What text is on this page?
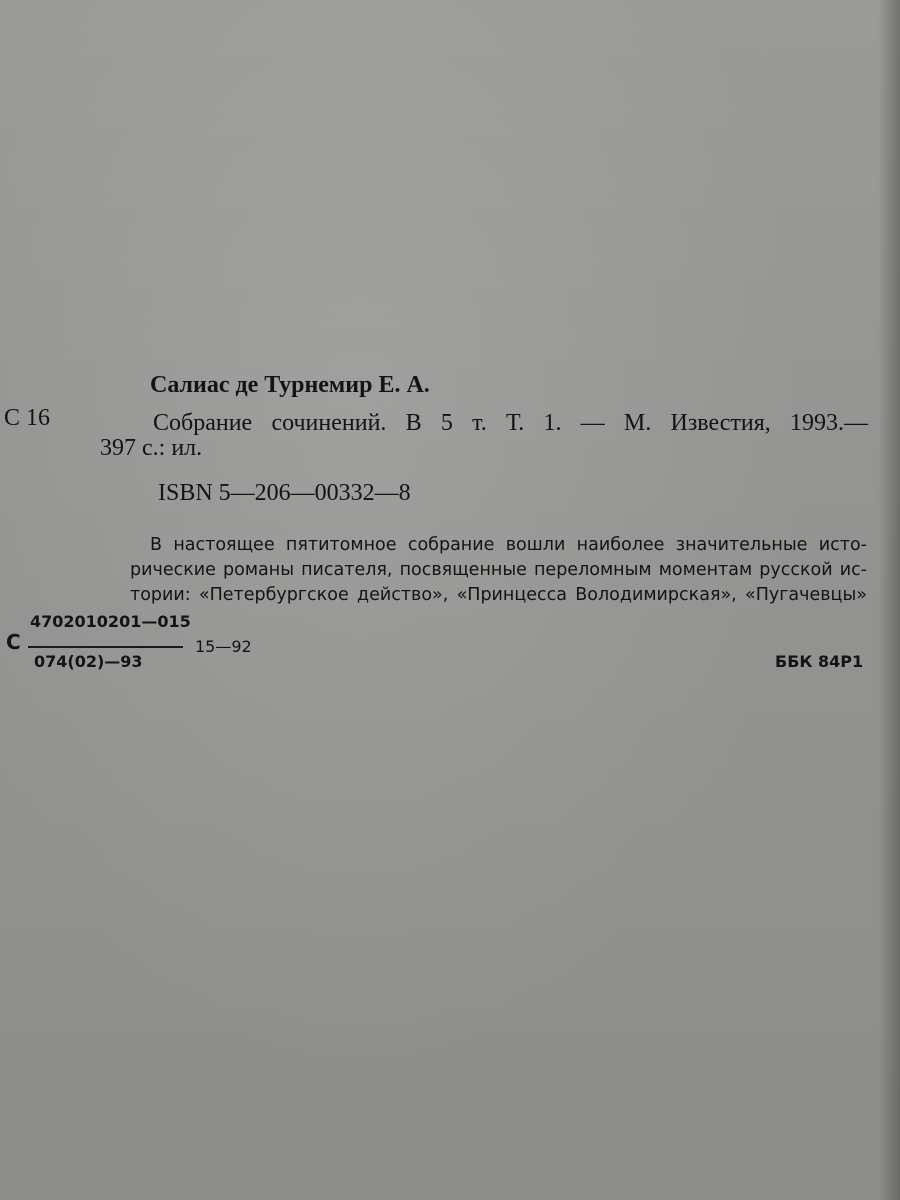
Салиас де Турнемир Е. А.
С 16	Собрание сочинений. В 5 т. Т. 1. — М. Известия, 1993.—
397 с.: ил.
ISBN 5—206—00332—8
В настоящее пятитомное собрание вошли наиболее значительные исто-
рические романы писателя, посвященные переломным моментам русской ис-
тории: «Петербургское действо», «Принцесса Володимирская», «Пугачевцы»
С
4702010201—015
074(02)—93
15—92
ББК 84Р1
